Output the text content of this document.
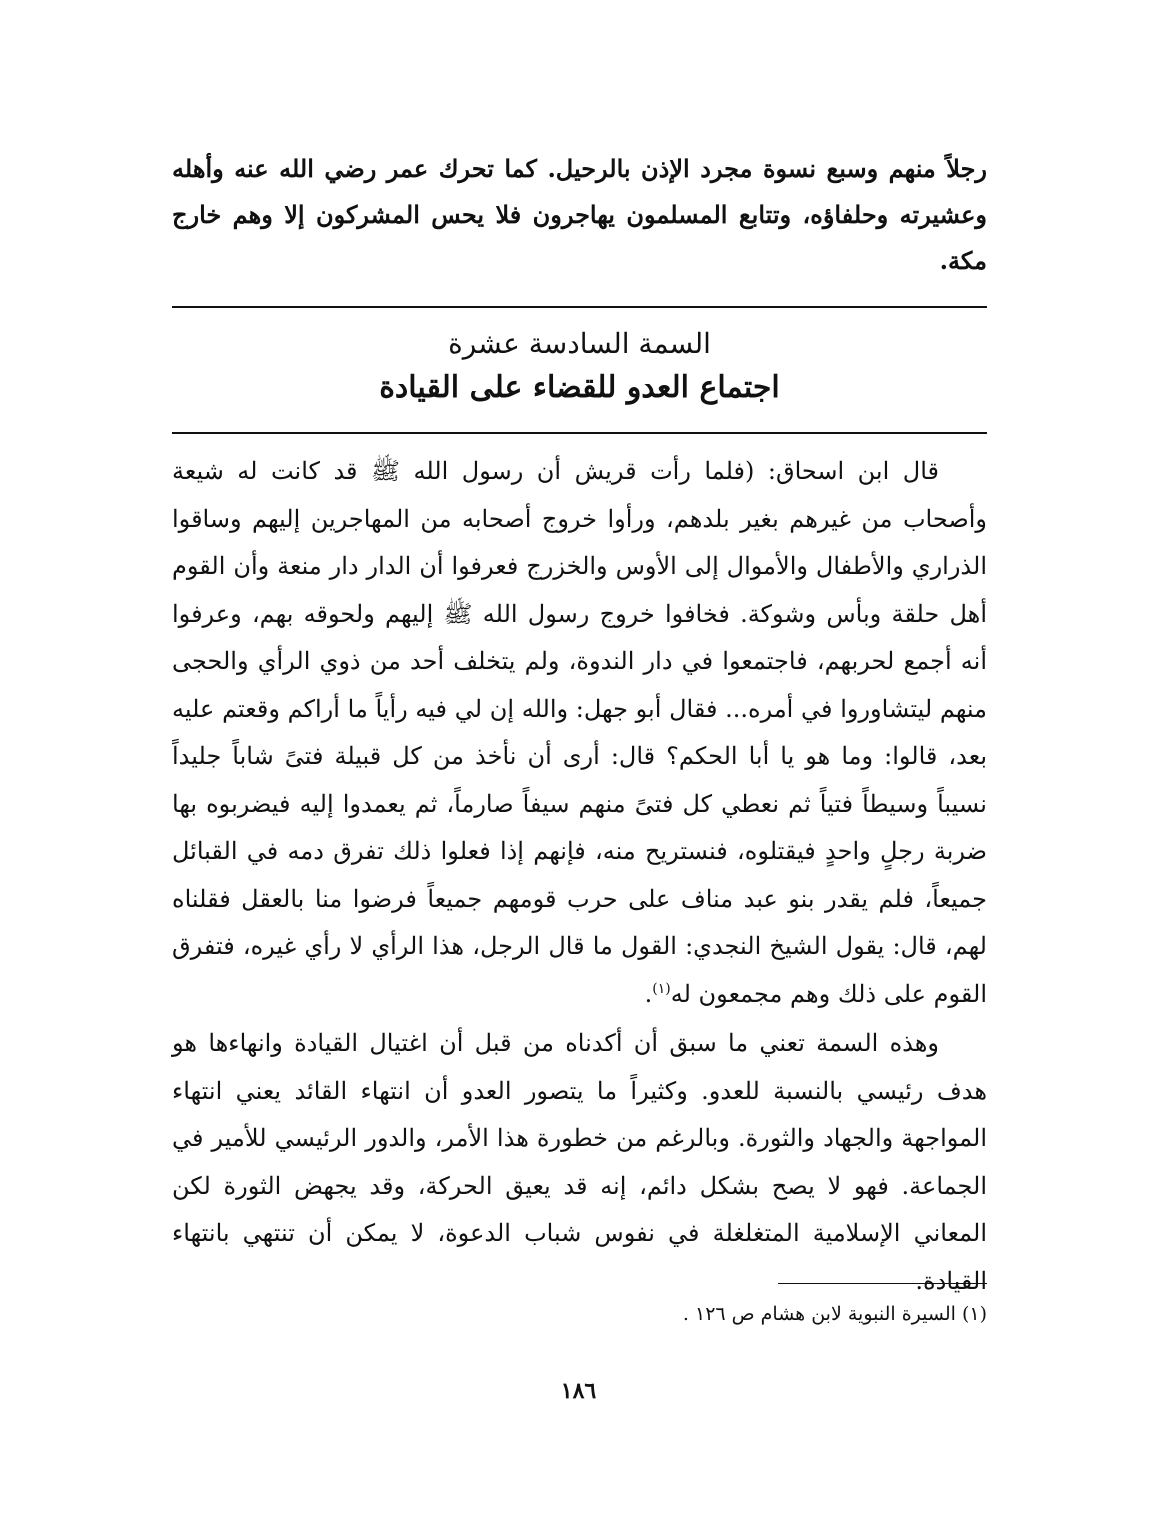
رجلاً منهم وسبع نسوة مجرد الإذن بالرحيل. كما تحرك عمر رضي الله عنه وأهله وعشيرته وحلفاؤه، وتتابع المسلمون يهاجرون فلا يحس المشركون إلا وهم خارج مكة.
السمة السادسة عشرة
اجتماع العدو للقضاء على القيادة

قال ابن اسحاق: (فلما رأت قريش أن رسول الله ﷺ قد كانت له شيعة وأصحاب من غيرهم بغير بلدهم، ورأوا خروج أصحابه من المهاجرين إليهم وساقوا الذراري والأطفال والأموال إلى الأوس والخزرج فعرفوا أن الدار دار منعة وأن القوم أهل حلقة وبأس وشوكة. فخافوا خروج رسول الله ﷺ إليهم ولحوقه بهم، وعرفوا أنه أجمع لحربهم، فاجتمعوا في دار الندوة، ولم يتخلف أحد من ذوي الرأي والحجى منهم ليتشاوروا في أمره... فقال أبو جهل: والله إن لي فيه رأياً ما أراكم وقعتم عليه بعد، قالوا: وما هو يا أبا الحكم؟ قال: أرى أن نأخذ من كل قبيلة فتىً شاباً جليداً نسيباً وسيطاً فتياً ثم نعطي كل فتىً منهم سيفاً صارماً، ثم يعمدوا إليه فيضربوه بها ضربة رجلٍ واحدٍ فيقتلوه، فنستريح منه، فإنهم إذا فعلوا ذلك تفرق دمه في القبائل جميعاً، فلم يقدر بنو عبد مناف على حرب قومهم جميعاً فرضوا منا بالعقل فقلناه لهم، قال: يقول الشيخ النجدي: القول ما قال الرجل، هذا الرأي لا رأي غيره، فتفرق القوم على ذلك وهم مجمعون له$^{(١)}$.

وهذه السمة تعني ما سبق أن أكدناه من قبل أن اغتيال القيادة وانهاءها هو هدف رئيسي بالنسبة للعدو. وكثيراً ما يتصور العدو أن انتهاء القائد يعني انتهاء المواجهة والجهاد والثورة. وبالرغم من خطورة هذا الأمر، والدور الرئيسي للأمير في الجماعة. فهو لا يصح بشكل دائم، إنه قد يعيق الحركة، وقد يجهض الثورة لكن المعاني الإسلامية المتغلغلة في نفوس شباب الدعوة، لا يمكن أن تنتهي بانتهاء القيادة.

(١) السيرة النبوية لابن هشام ص ١٢٦ .
١٨٦
